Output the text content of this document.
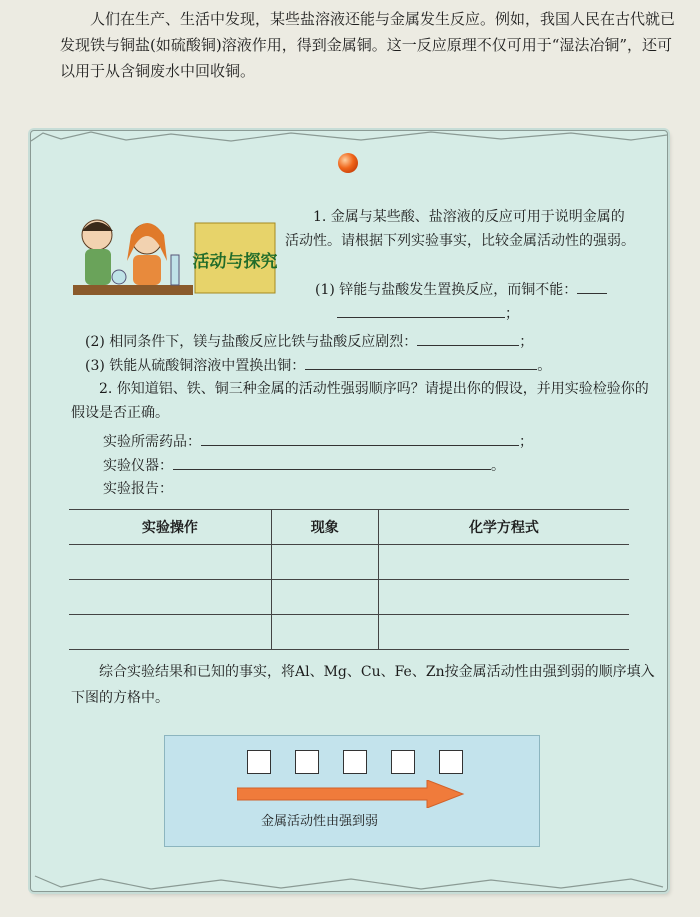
人们在生产、生活中发现，某些盐溶液还能与金属发生反应。例如，我国人民在古代就已发现铁与铜盐(如硫酸铜)溶液作用，得到金属铜。这一反应原理不仅可用于“湿法冶铜”，还可以用于从含铜废水中回收铜。

活动与探究
1. 金属与某些酸、盐溶液的反应可用于说明金属的活动性。请根据下列实验事实，比较金属活动性的强弱。
(1) 锌能与盐酸发生置换反应，而铜不能：
；
(2) 相同条件下，镁与盐酸反应比铁与盐酸反应剧烈：	；
(3) 铁能从硫酸铜溶液中置换出铜：	。
2. 你知道铝、铁、铜三种金属的活动性强弱顺序吗？请提出你的假设，并用实验检验你的假设是否正确。
实验所需药品：	；
实验仪器：	。
实验报告：
实验操作	现象	化学方程式

综合实验结果和已知的事实，将Al、Mg、Cu、Fe、Zn按金属活动性由强到弱的顺序填入下图的方格中。
金属活动性由强到弱
